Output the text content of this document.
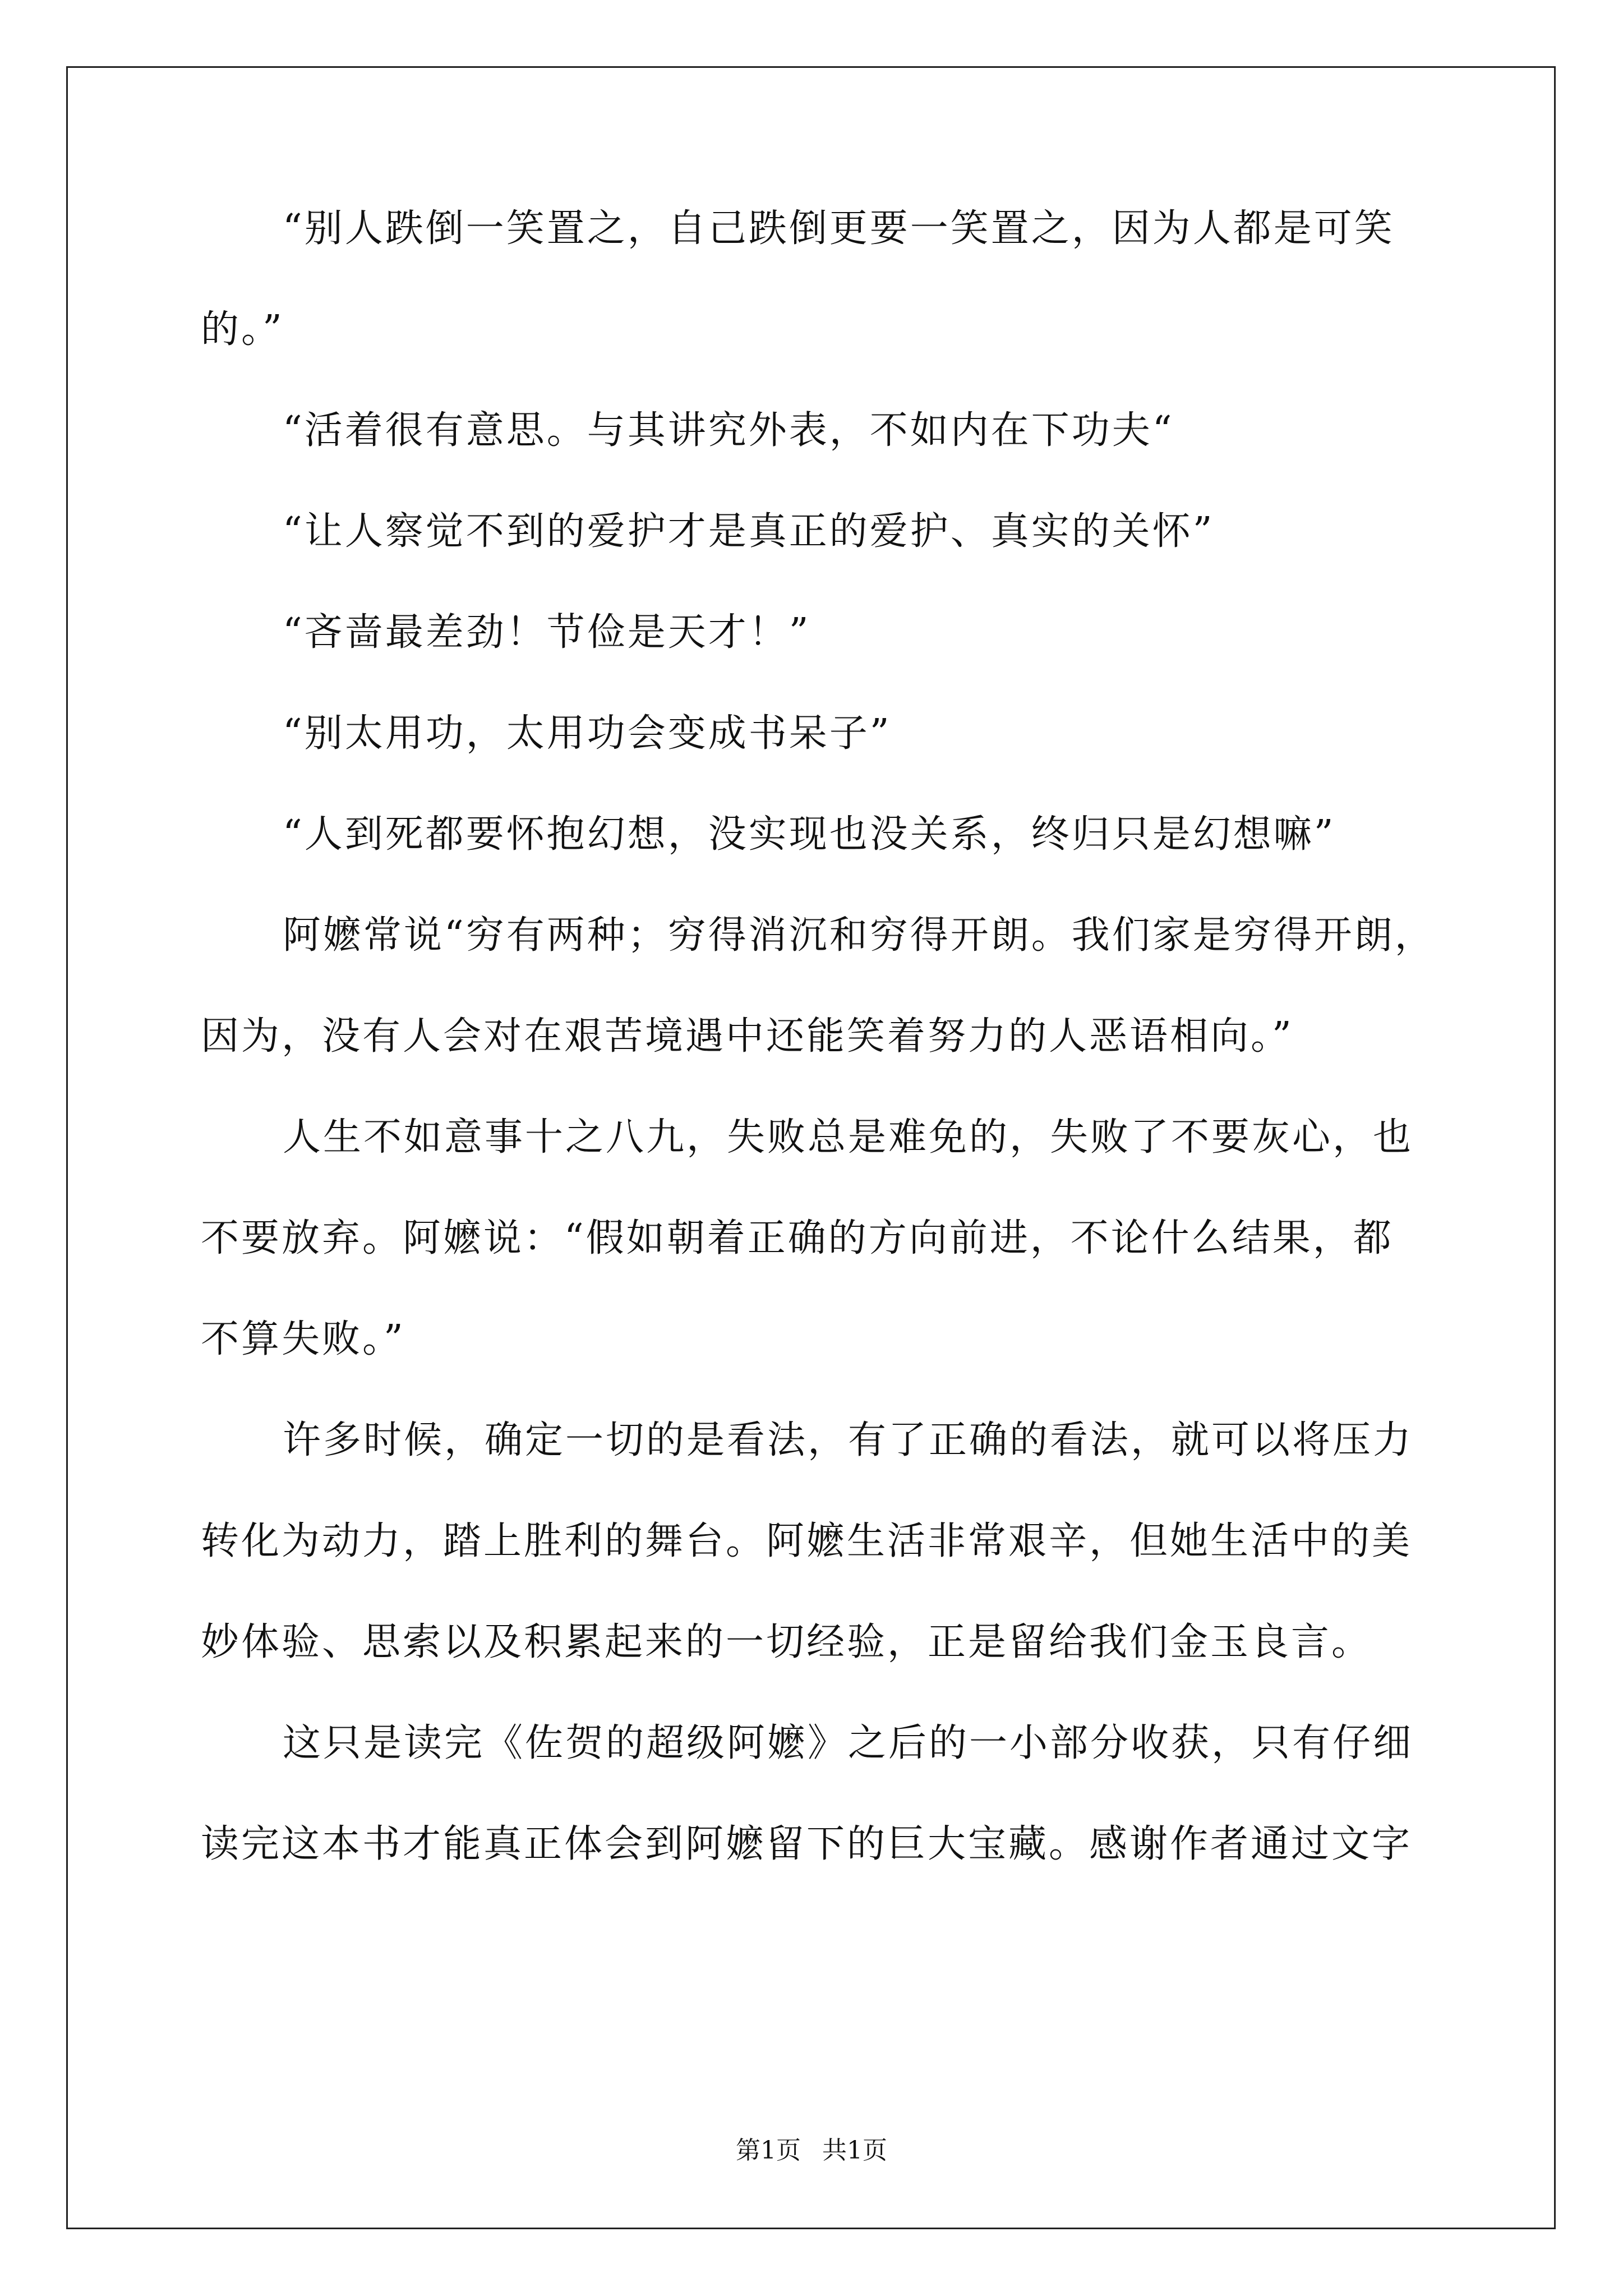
“别人跌倒一笑置之，自己跌倒更要一笑置之，因为人都是可笑
的。”
“活着很有意思。与其讲究外表，不如内在下功夫“
“让人察觉不到的爱护才是真正的爱护、真实的关怀”
“吝啬最差劲！节俭是天才！”
“别太用功，太用功会变成书呆子”
“人到死都要怀抱幻想，没实现也没关系，终归只是幻想嘛”
阿嬷常说“穷有两种；穷得消沉和穷得开朗。我们家是穷得开朗，
因为，没有人会对在艰苦境遇中还能笑着努力的人恶语相向。”
人生不如意事十之八九，失败总是难免的，失败了不要灰心，也
不要放弃。阿嬷说：“假如朝着正确的方向前进，不论什么结果，都
不算失败。”
许多时候，确定一切的是看法，有了正确的看法，就可以将压力
转化为动力，踏上胜利的舞台。阿嬷生活非常艰辛，但她生活中的美
妙体验、思索以及积累起来的一切经验，正是留给我们金玉良言。
这只是读完《佐贺的超级阿嬷》之后的一小部分收获，只有仔细
读完这本书才能真正体会到阿嬷留下的巨大宝藏。感谢作者通过文字
第1页 共1页
